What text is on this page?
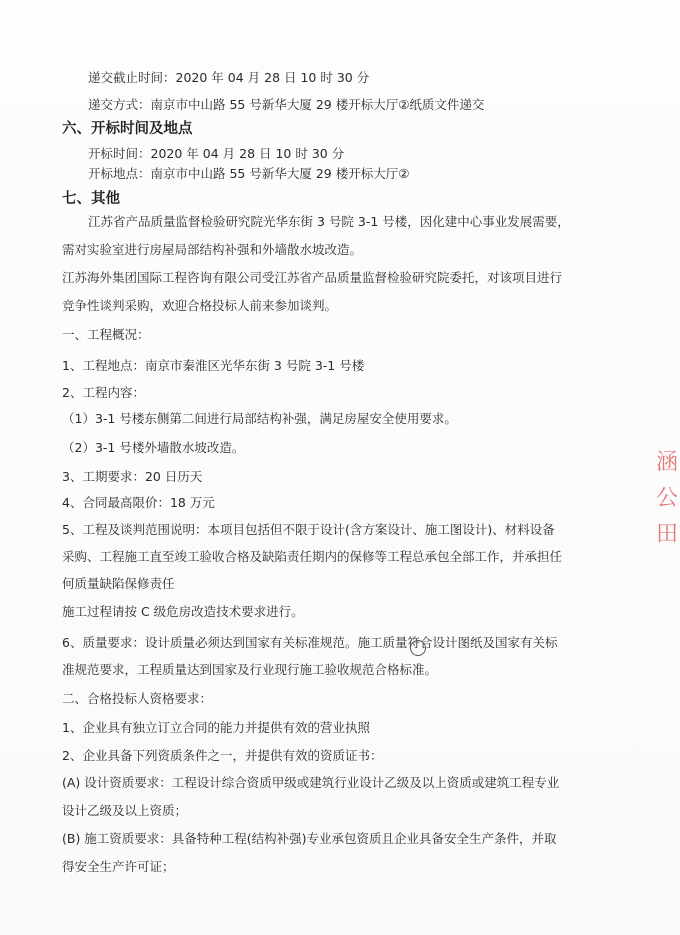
递交截止时间：2020 年 04 月 28 日 10 时 30 分
递交方式：南京市中山路 55 号新华大厦 29 楼开标大厅②纸质文件递交
六、开标时间及地点
开标时间：2020 年 04 月 28 日 10 时 30 分
开标地点：南京市中山路 55 号新华大厦 29 楼开标大厅②
七、其他
江苏省产品质量监督检验研究院光华东街 3 号院 3-1 号楼，因化建中心事业发展需要，
需对实验室进行房屋局部结构补强和外墙散水坡改造。
江苏海外集团国际工程咨询有限公司受江苏省产品质量监督检验研究院委托，对该项目进行
竞争性谈判采购，欢迎合格投标人前来参加谈判。
一、工程概况：
1、工程地点：南京市秦淮区光华东街 3 号院 3-1 号楼
2、工程内容：
（1）3-1 号楼东侧第二间进行局部结构补强，满足房屋安全使用要求。
（2）3-1 号楼外墙散水坡改造。
3、工期要求：20 日历天
4、合同最高限价：18 万元
5、工程及谈判范围说明：本项目包括但不限于设计(含方案设计、施工图设计)、材料设备
采购、工程施工直至竣工验收合格及缺陷责任期内的保修等工程总承包全部工作，并承担任
何质量缺陷保修责任
施工过程请按 C 级危房改造技术要求进行。
6、质量要求：设计质量必须达到国家有关标准规范。施工质量符合设计图纸及国家有关标
准规范要求，工程质量达到国家及行业现行施工验收规范合格标准。
二、合格投标人资格要求：
1、企业具有独立订立合同的能力并提供有效的营业执照
2、企业具备下列资质条件之一，并提供有效的资质证书：
(A) 设计资质要求：工程设计综合资质甲级或建筑行业设计乙级及以上资质或建筑工程专业
设计乙级及以上资质；
(B) 施工资质要求：具备特种工程(结构补强)专业承包资质且企业具备安全生产条件，并取
得安全生产许可证；
涵
公
田
